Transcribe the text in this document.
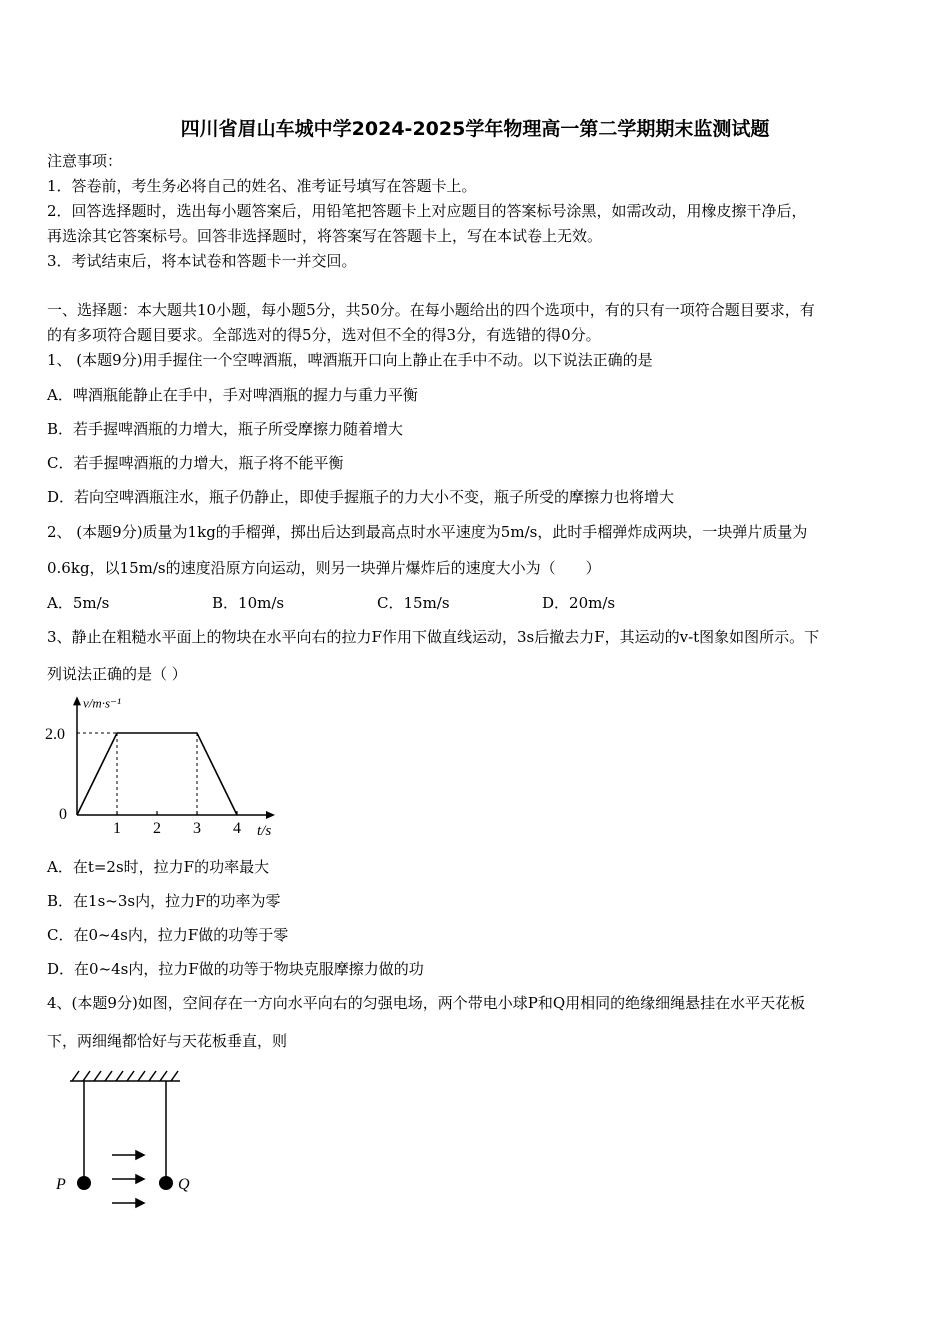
四川省眉山车城中学2024-2025学年物理高一第二学期期末监测试题
注意事项：
1．答卷前，考生务必将自己的姓名、准考证号填写在答题卡上。
2．回答选择题时，选出每小题答案后，用铅笔把答题卡上对应题目的答案标号涂黑，如需改动，用橡皮擦干净后，
再选涂其它答案标号。回答非选择题时，将答案写在答题卡上，写在本试卷上无效。
3．考试结束后，将本试卷和答题卡一并交回。
一、选择题：本大题共10小题，每小题5分，共50分。在每小题给出的四个选项中，有的只有一项符合题目要求，有
的有多项符合题目要求。全部选对的得5分，选对但不全的得3分，有选错的得0分。
1、 (本题9分)用手握住一个空啤酒瓶，啤酒瓶开口向上静止在手中不动。以下说法正确的是
A．啤酒瓶能静止在手中，手对啤酒瓶的握力与重力平衡
B．若手握啤酒瓶的力增大，瓶子所受摩擦力随着增大
C．若手握啤酒瓶的力增大，瓶子将不能平衡
D．若向空啤酒瓶注水，瓶子仍静止，即使手握瓶子的力大小不变，瓶子所受的摩擦力也将增大
2、 (本题9分)质量为1kg的手榴弹，掷出后达到最高点时水平速度为5m/s，此时手榴弹炸成两块，一块弹片质量为
0.6kg，以15m/s的速度沿原方向运动，则另一块弹片爆炸后的速度大小为（　　）
A．5m/s	B．10m/s	C．15m/s	D．20m/s
3、静止在粗糙水平面上的物块在水平向右的拉力F作用下做直线运动，3s后撤去力F，其运动的v-t图象如图所示。下
列说法正确的是（ ）
v/m·s⁻¹
t/s
0
1 2 3 4
2.0
A．在t=2s时，拉力F的功率最大
B．在1s~3s内，拉力F的功率为零
C．在0~4s内，拉力F做的功等于零
D．在0~4s内，拉力F做的功等于物块克服摩擦力做的功
4、(本题9分)如图，空间存在一方向水平向右的匀强电场，两个带电小球P和Q用相同的绝缘细绳悬挂在水平天花板
下，两细绳都恰好与天花板垂直，则
P	Q
